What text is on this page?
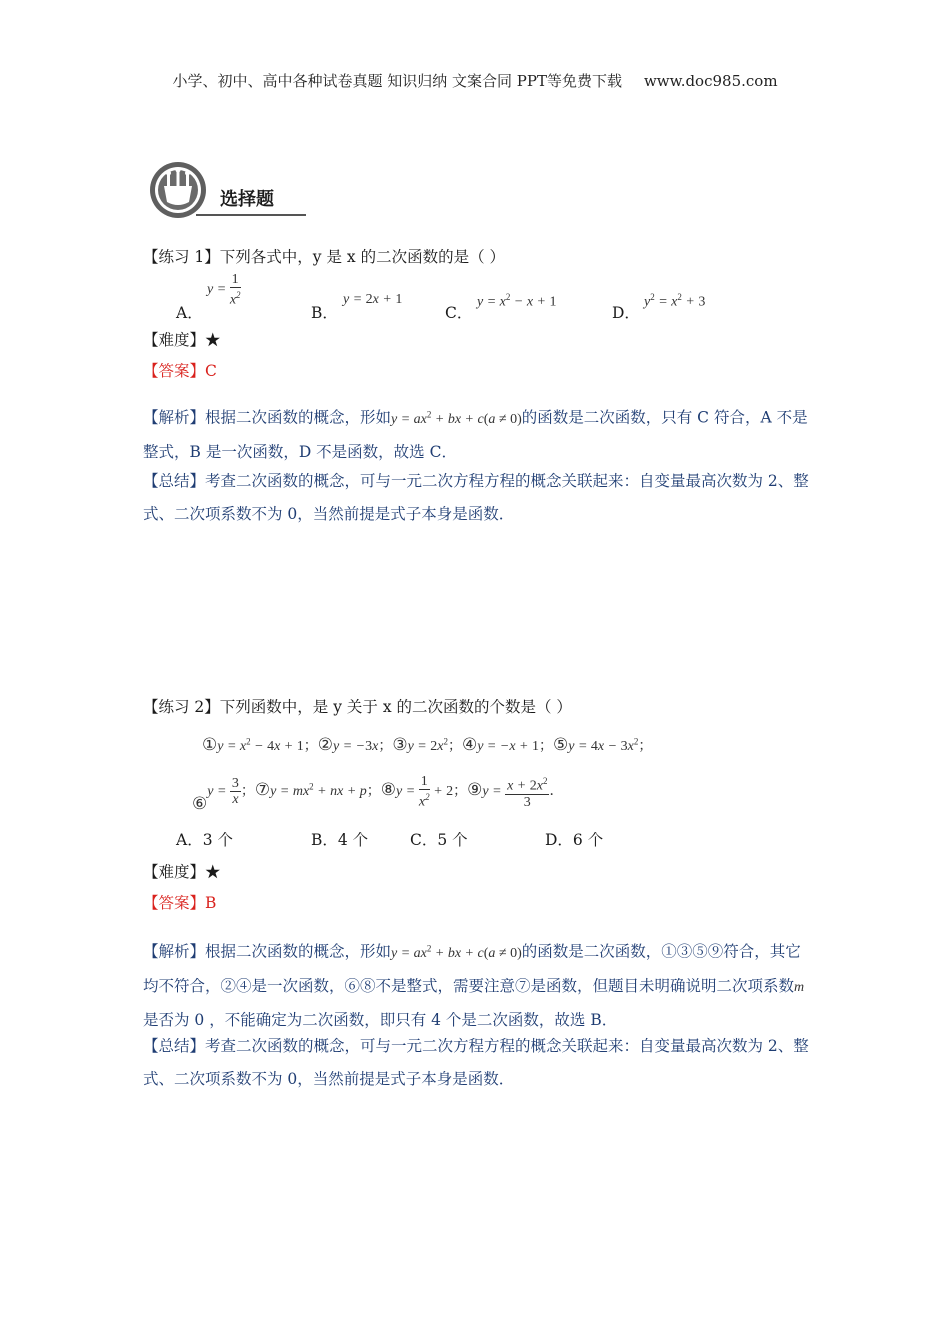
小学、初中、高中各种试卷真题 知识归纳 文案合同 PPT等免费下载 www.doc985.com
选择题
【练习 1】下列各式中，y 是 x 的二次函数的是（ ）
A．
$y = \frac{1}{x^2}$
B．
y = 2x + 1
C．
$y = x^2 - x + 1$
D．
$y^2 = x^2 + 3$
【难度】★
【答案】C
【解析】根据二次函数的概念，形如$y = ax^2$ + bx + c(a ≠ 0)的函数是二次函数，只有 C 符合，A 不是整式，B 是一次函数，D 不是函数，故选 C．
【总结】考查二次函数的概念，可与一元二次方程方程的概念关联起来：自变量最高次数为 2、整式、二次项系数不为 0，当然前提是式子本身是函数．
【练习 2】下列函数中，是 y 关于 x 的二次函数的个数是（ ）
①y = $x^2 - 4x + 1$；②y = −3x；③y = $2x^2$；④y = −x + 1；⑤y = $4x - 3x^2$；
⑥y = $\frac{3}{x}$ ；⑦y = $mx^2$ + nx + p；⑧y = $\frac{1}{x^2} + 2$；⑨y = $\frac{x + 2x^2}{3}$ ．
A．3 个	B．4 个	C．5 个	D．6 个
【难度】★
【答案】B
【解析】根据二次函数的概念，形如$y = ax^2$ + bx + c(a ≠ 0)的函数是二次函数，①③⑤⑨符合，其它均不符合，②④是一次函数，⑥⑧不是整式，需要注意⑦是函数，但题目未明确说明二次项系数m是否为 0 ，不能确定为二次函数，即只有 4 个是二次函数，故选 B．
【总结】考查二次函数的概念，可与一元二次方程方程的概念关联起来：自变量最高次数为 2、整式、二次项系数不为 0，当然前提是式子本身是函数．
